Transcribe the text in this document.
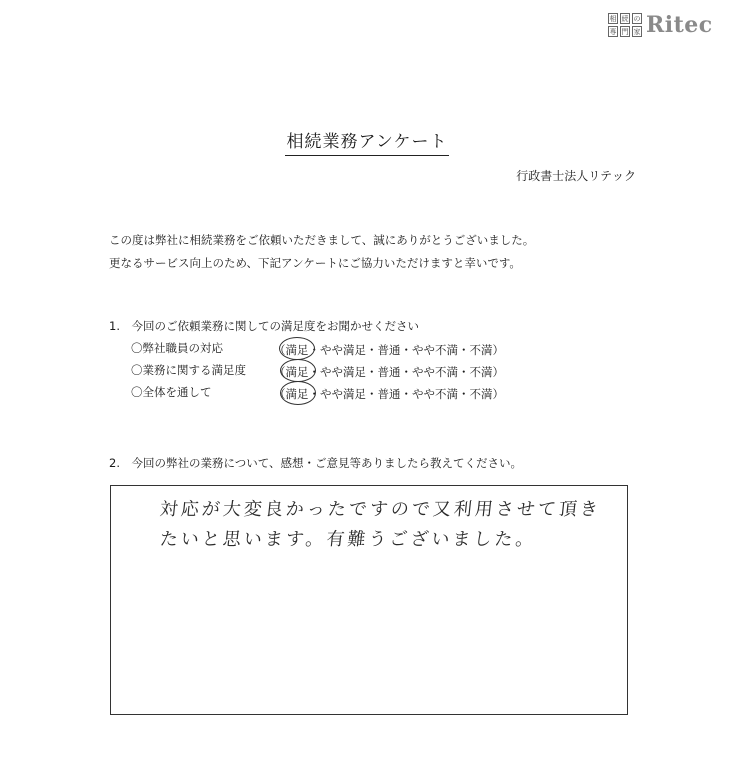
相 続 の
専 門 家 Ritec
相続業務アンケート
行政書士法人リテック
この度は弊社に相続業務をご依頼いただきまして、誠にありがとうございました。
更なるサービス向上のため、下記アンケートにご協力いただけますと幸いです。
1.　今回のご依頼業務に関しての満足度をお聞かせください
〇弊社職員の対応	（満足・やや満足・普通・やや不満・不満）
〇業務に関する満足度 （満足・やや満足・普通・やや不満・不満）
〇全体を通して	（満足・やや満足・普通・やや不満・不満）
2.　今回の弊社の業務について、感想・ご意見等ありましたら教えてください。
対応が大変良かったですので又利用させて頂き
たいと思います。有難うございました。
